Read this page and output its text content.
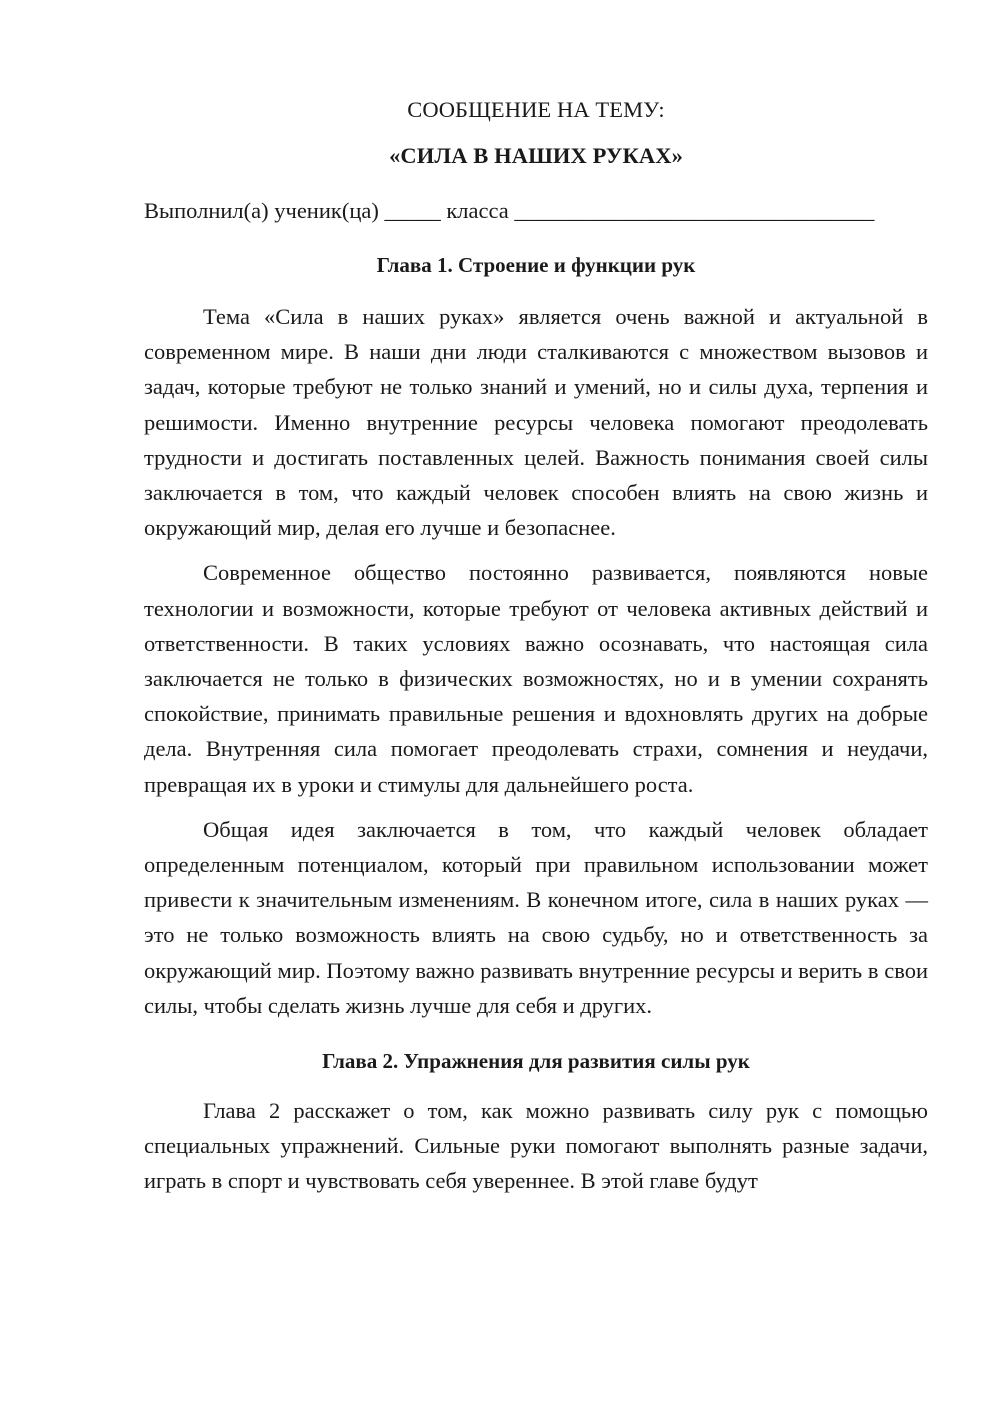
СООБЩЕНИЕ НА ТЕМУ:
«СИЛА В НАШИХ РУКАХ»
Выполнил(а) ученик(ца) _____ класса ________________________________
Глава 1. Строение и функции рук

Тема «Сила в наших руках» является очень важной и актуальной в современном мире. В наши дни люди сталкиваются с множеством вызовов и задач, которые требуют не только знаний и умений, но и силы духа, терпения и решимости. Именно внутренние ресурсы человека помогают преодолевать трудности и достигать поставленных целей. Важность понимания своей силы заключается в том, что каждый человек способен влиять на свою жизнь и окружающий мир, делая его лучше и безопаснее.

Современное общество постоянно развивается, появляются новые технологии и возможности, которые требуют от человека активных действий и ответственности. В таких условиях важно осознавать, что настоящая сила заключается не только в физических возможностях, но и в умении сохранять спокойствие, принимать правильные решения и вдохновлять других на добрые дела. Внутренняя сила помогает преодолевать страхи, сомнения и неудачи, превращая их в уроки и стимулы для дальнейшего роста.

Общая идея заключается в том, что каждый человек обладает определенным потенциалом, который при правильном использовании может привести к значительным изменениям. В конечном итоге, сила в наших руках — это не только возможность влиять на свою судьбу, но и ответственность за окружающий мир. Поэтому важно развивать внутренние ресурсы и верить в свои силы, чтобы сделать жизнь лучше для себя и других.

Глава 2. Упражнения для развития силы рук

Глава 2 расскажет о том, как можно развивать силу рук с помощью специальных упражнений. Сильные руки помогают выполнять разные задачи, играть в спорт и чувствовать себя увереннее. В этой главе будут
